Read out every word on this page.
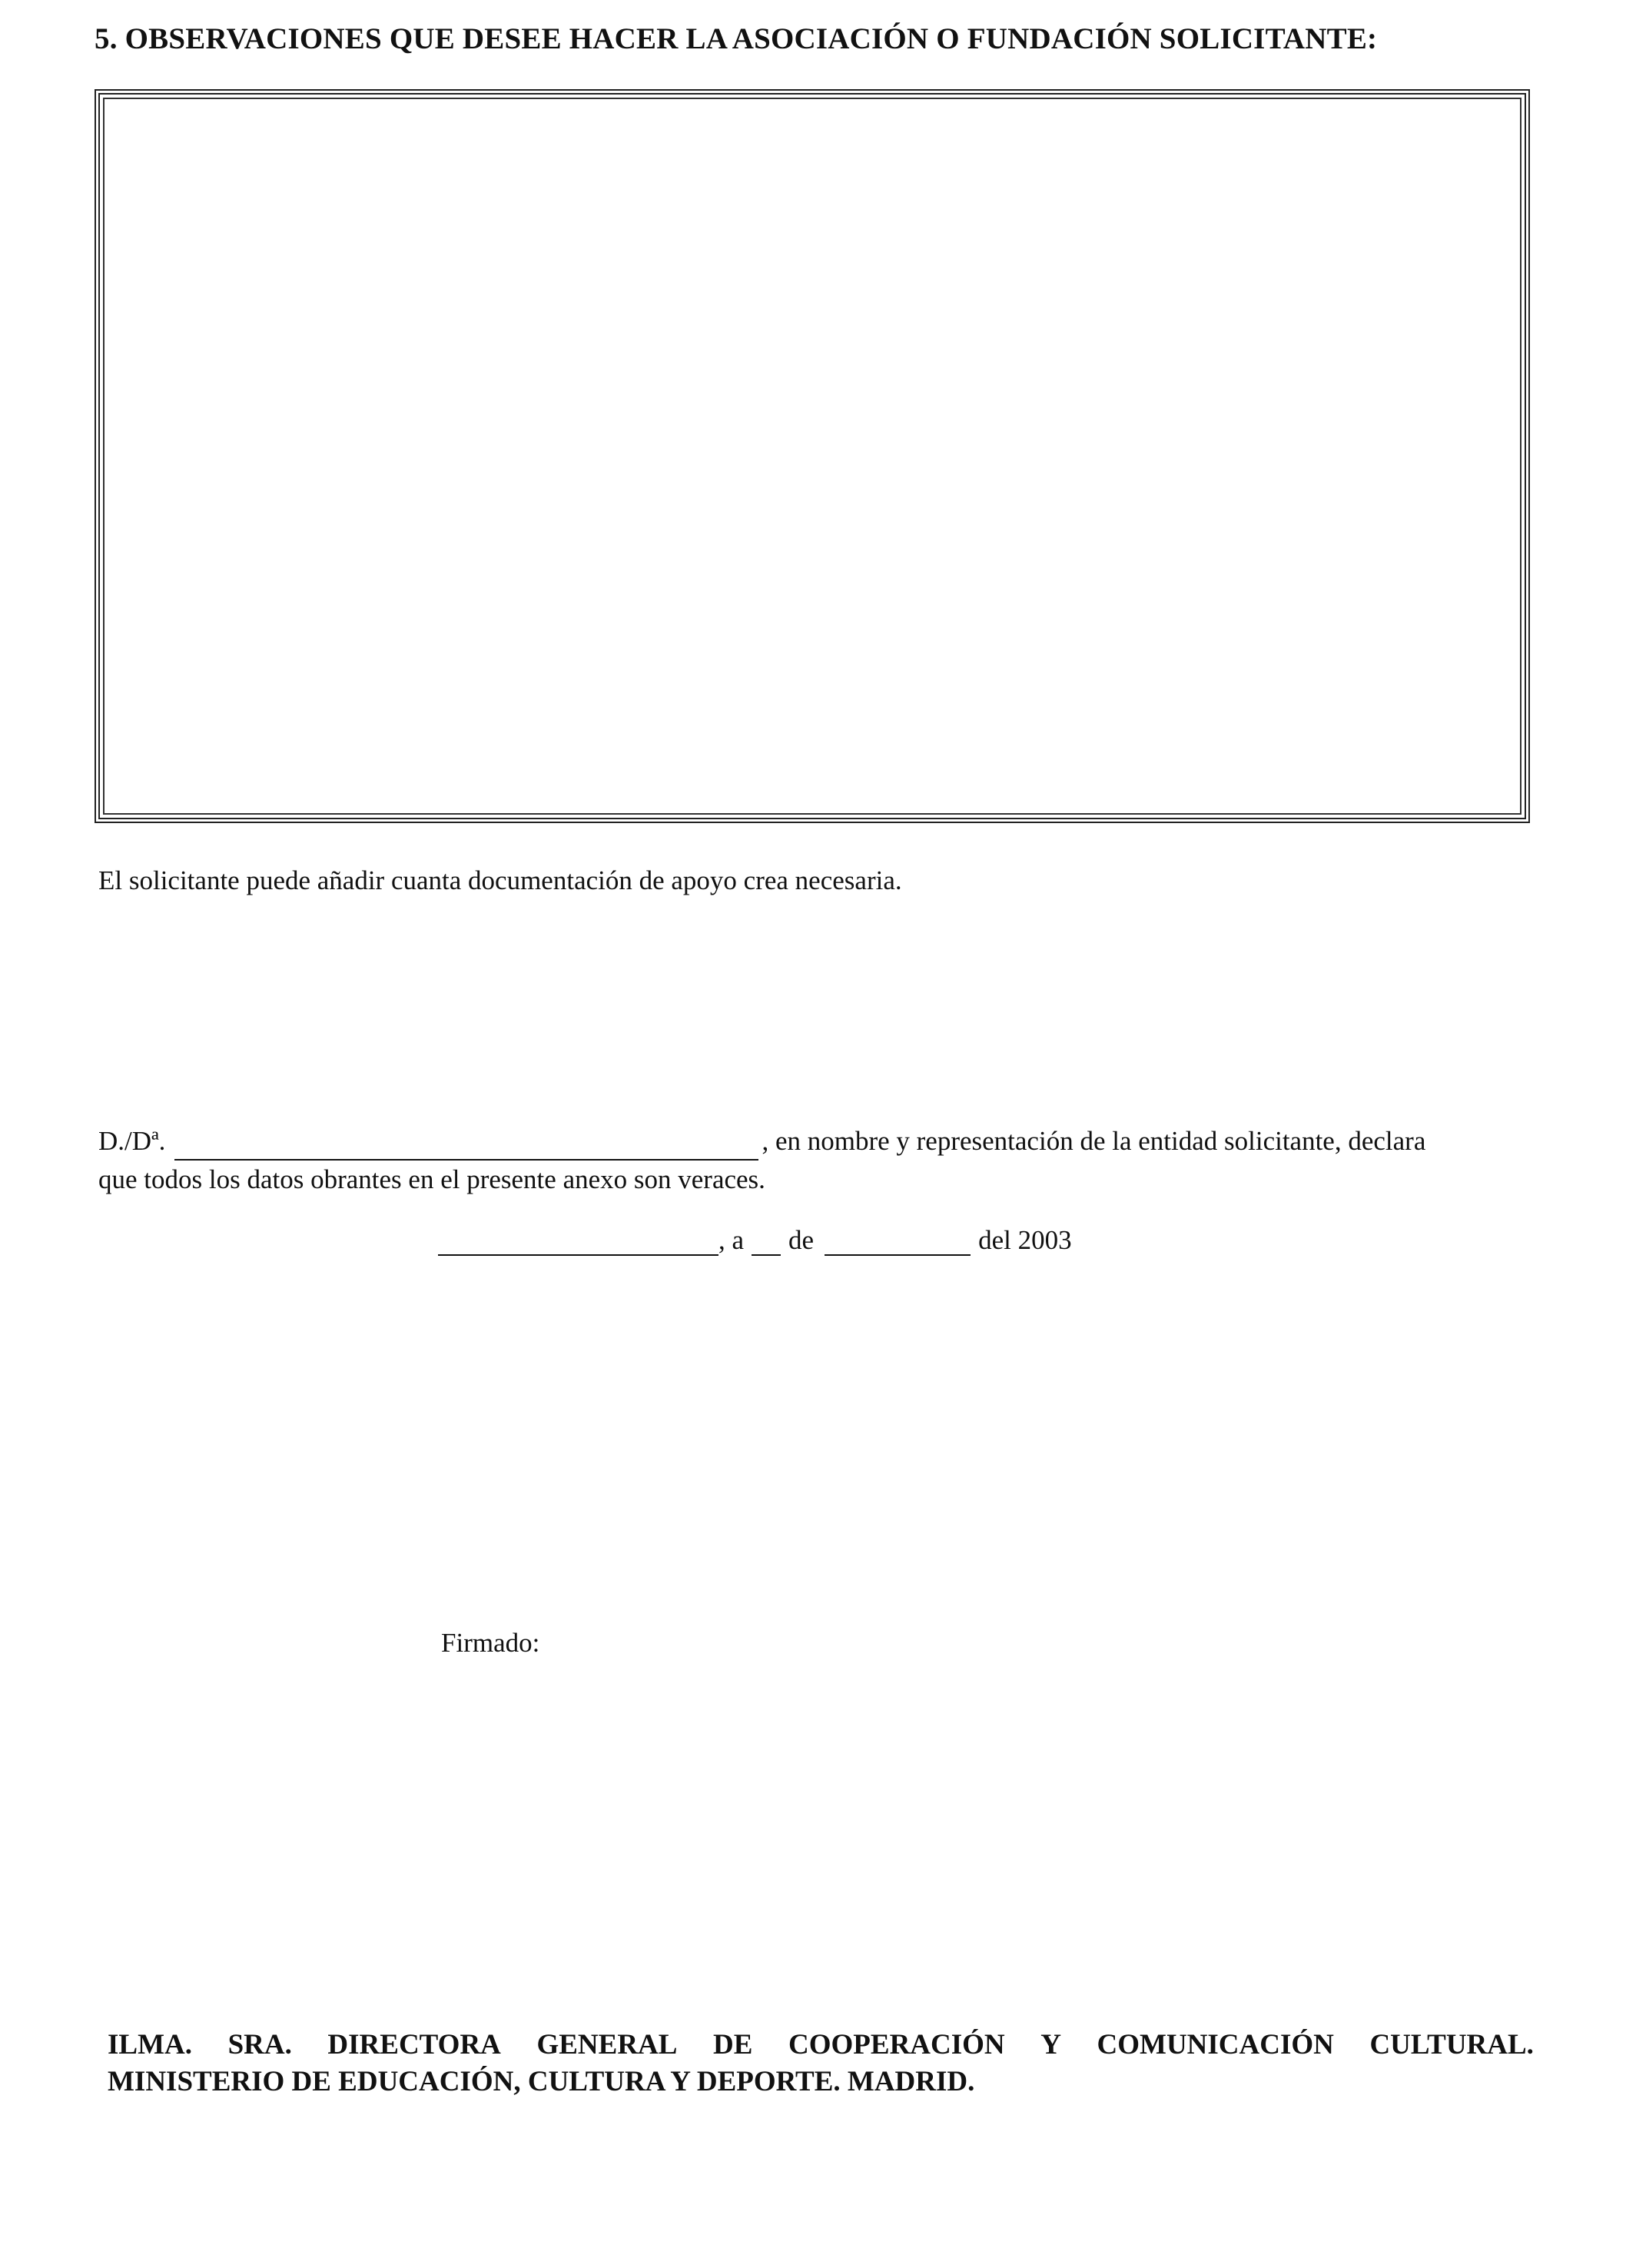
5. OBSERVACIONES QUE DESEE HACER LA ASOCIACIÓN O FUNDACIÓN SOLICITANTE:
El solicitante puede añadir cuanta documentación de apoyo crea necesaria.
D./Dª.	, en nombre y representación de la entidad solicitante, declara
que todos los datos obrantes en el presente anexo son veraces.
, a de	del 2003
Firmado:
ILMA. SRA. DIRECTORA GENERAL DE COOPERACIÓN Y COMUNICACIÓN CULTURAL.
MINISTERIO DE EDUCACIÓN, CULTURA Y DEPORTE. MADRID.
